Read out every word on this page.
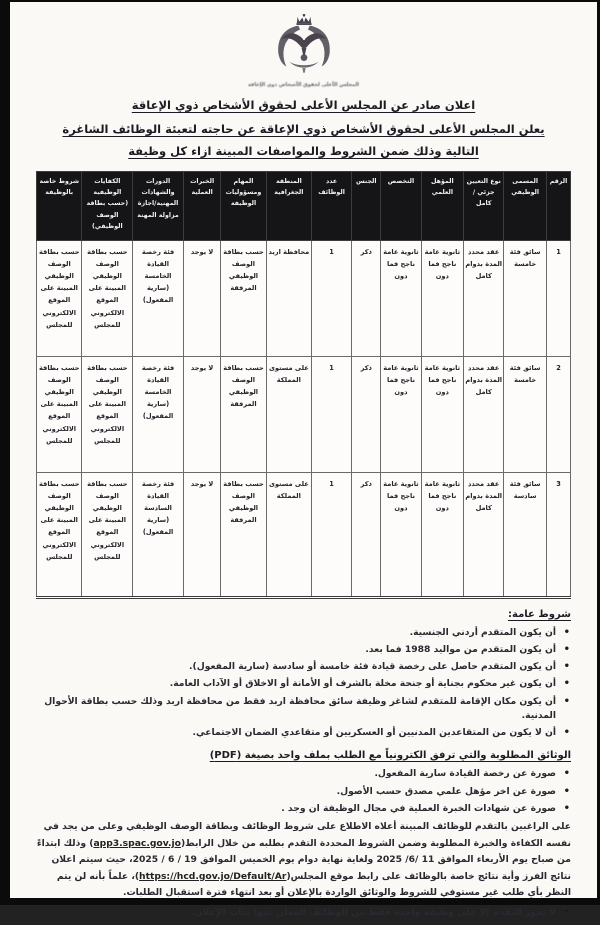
المجلس الأعلى لحقوق الأشخاص ذوي الإعاقة
اعلان صادر عن المجلس الأعلى لحقوق الأشخاص ذوي الإعاقة
يعلن المجلس الأعلى لحقوق الأشخاص ذوي الإعاقة عن حاجته لتعبئة الوظائف الشاغرة التالية وذلك ضمن الشروط والمواصفات المبينة ازاء كل وظيفة
الرقم	المسمى الوظيفي	نوع التعيين جزئي / كامل	المؤهل العلمي	التخصص	الجنس	عدد الوظائف	المنطقة الجغرافية	المهام ومسؤوليات الوظيفة	الخبرات العملية	الدورات والشهادات المهنية/اجازة مزاولة المهنة	الكفايات الوظيفية (حسب بطاقة الوصف الوظيفي)	شروط خاصة بالوظيفة
1	سائق فئة خامسة	عقد محدد المدة بدوام كامل	ثانوية عامة ناجح فما دون	ثانوية عامة ناجح فما دون	ذكر	1	محافظة اربد	حسب بطاقة الوصف الوظيفي المرفقة	لا يوجد	فئة رخصة القيادة الخامسة (سارية المفعول)	حسب بطاقة الوصف الوظيفي المبينة على الموقع الالكتروني للمجلس	حسب بطاقة الوصف الوظيفي المبينة على الموقع الالكتروني للمجلس
2	سائق فئة خامسة	عقد محدد المدة بدوام كامل	ثانوية عامة ناجح فما دون	ثانوية عامة ناجح فما دون	ذكر	1	على مستوى المملكة	حسب بطاقة الوصف الوظيفي المرفقة	لا يوجد	فئة رخصة القيادة الخامسة (سارية المفعول)	حسب بطاقة الوصف الوظيفي المبينة على الموقع الالكتروني للمجلس	حسب بطاقة الوصف الوظيفي المبينة على الموقع الالكتروني للمجلس
3	سائق فئة سادسة	عقد محدد المدة بدوام كامل	ثانوية عامة ناجح فما دون	ثانوية عامة ناجح فما دون	ذكر	1	على مستوى المملكة	حسب بطاقة الوصف الوظيفي المرفقة	لا يوجد	فئة رخصة القيادة السادسة (سارية المفعول)	حسب بطاقة الوصف الوظيفي المبينة على الموقع الالكتروني للمجلس	حسب بطاقة الوصف الوظيفي المبينة على الموقع الالكتروني للمجلس
شروط عامة:
• أن يكون المتقدم أردني الجنسية.
• أن يكون المتقدم من مواليد 1988 فما بعد.
• أن يكون المتقدم حاصل على رخصة قيادة فئة خامسة أو سادسة (سارية المفعول).
• أن يكون غير محكوم بجناية أو جنحة مخلة بالشرف أو الأمانة أو الاخلاق أو الآداب العامة.
• أن يكون مكان الإقامة للمتقدم لشاغر وظيفة سائق محافظة اربد فقط من محافظة اربد وذلك حسب بطاقة الأحوال المدنية.
• أن لا يكون من المتقاعدين المدنيين أو العسكريين أو متقاعدي الضمان الاجتماعي.
الوثائق المطلوبة والتي ترفق الكترونياً مع الطلب بملف واحد بصيغة (PDF)
• صورة عن رخصة القيادة سارية المفعول.
• صورة عن اخر مؤهل علمي مصدق حسب الأصول.
• صورة عن شهادات الخبرة العملية في مجال الوظيفة ان وجد .

على الراغبين بالتقدم للوظائف المبينة أعلاه الاطلاع على شروط الوظائف وبطاقة الوصف الوظيفي وعلى من يجد في نفسه الكفاءة والخبرة المطلوبة وضمن الشروط المحددة التقدم بطلبه من خلال الرابط(app3.spac.gov.jo) وذلك ابتداءً من صباح يوم الأربعاء الموافق 11 /6/ 2025 ولغاية نهاية دوام يوم الخميس الموافق 19 / 6 / 2025، حيث سيتم اعلان نتائج الفرز وأية نتائج خاصة بالوظائف على رابط موقع المجلس(https://hcd.gov.jo/Default/Ar)، علماً بأنه لن يتم النظر بأي طلب غير مستوفي للشروط والوثائق الواردة بالإعلان أو بعد انتهاء فترة استقبال الطلبات.

• لا يجوز التقدم إلا على وظيفة واحدة فقط من الوظائف المعلن عنها بذات الإعلان.
